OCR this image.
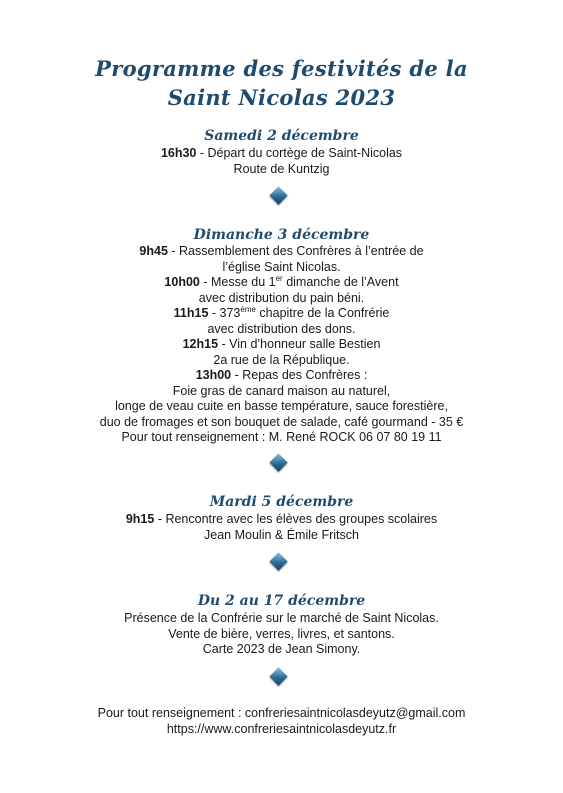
Programme des festivités de la
Saint Nicolas 2023
Samedi 2 décembre
16h30 - Départ du cortège de Saint-Nicolas
Route de Kuntzig
Dimanche 3 décembre
9h45 - Rassemblement des Confrères à l’entrée de
l’église Saint Nicolas.
10h00 - Messe du 1er dimanche de l’Avent
avec distribution du pain béni.
11h15 - 373ème chapitre de la Confrérie
avec distribution des dons.
12h15 - Vin d’honneur salle Bestien
2a rue de la République.
13h00 - Repas des Confrères :
Foie gras de canard maison au naturel,
longe de veau cuite en basse température, sauce forestière,
duo de fromages et son bouquet de salade, café gourmand - 35 €
Pour tout renseignement : M. René ROCK 06 07 80 19 11
Mardi 5 décembre
9h15 - Rencontre avec les élèves des groupes scolaires
Jean Moulin & Émile Fritsch
Du 2 au 17 décembre
Présence de la Confrérie sur le marché de Saint Nicolas.
Vente de bière, verres, livres, et santons.
Carte 2023 de Jean Simony.
Pour tout renseignement : confreriesaintnicolasdeyutz@gmail.com
https://www.confreriesaintnicolasdeyutz.fr
